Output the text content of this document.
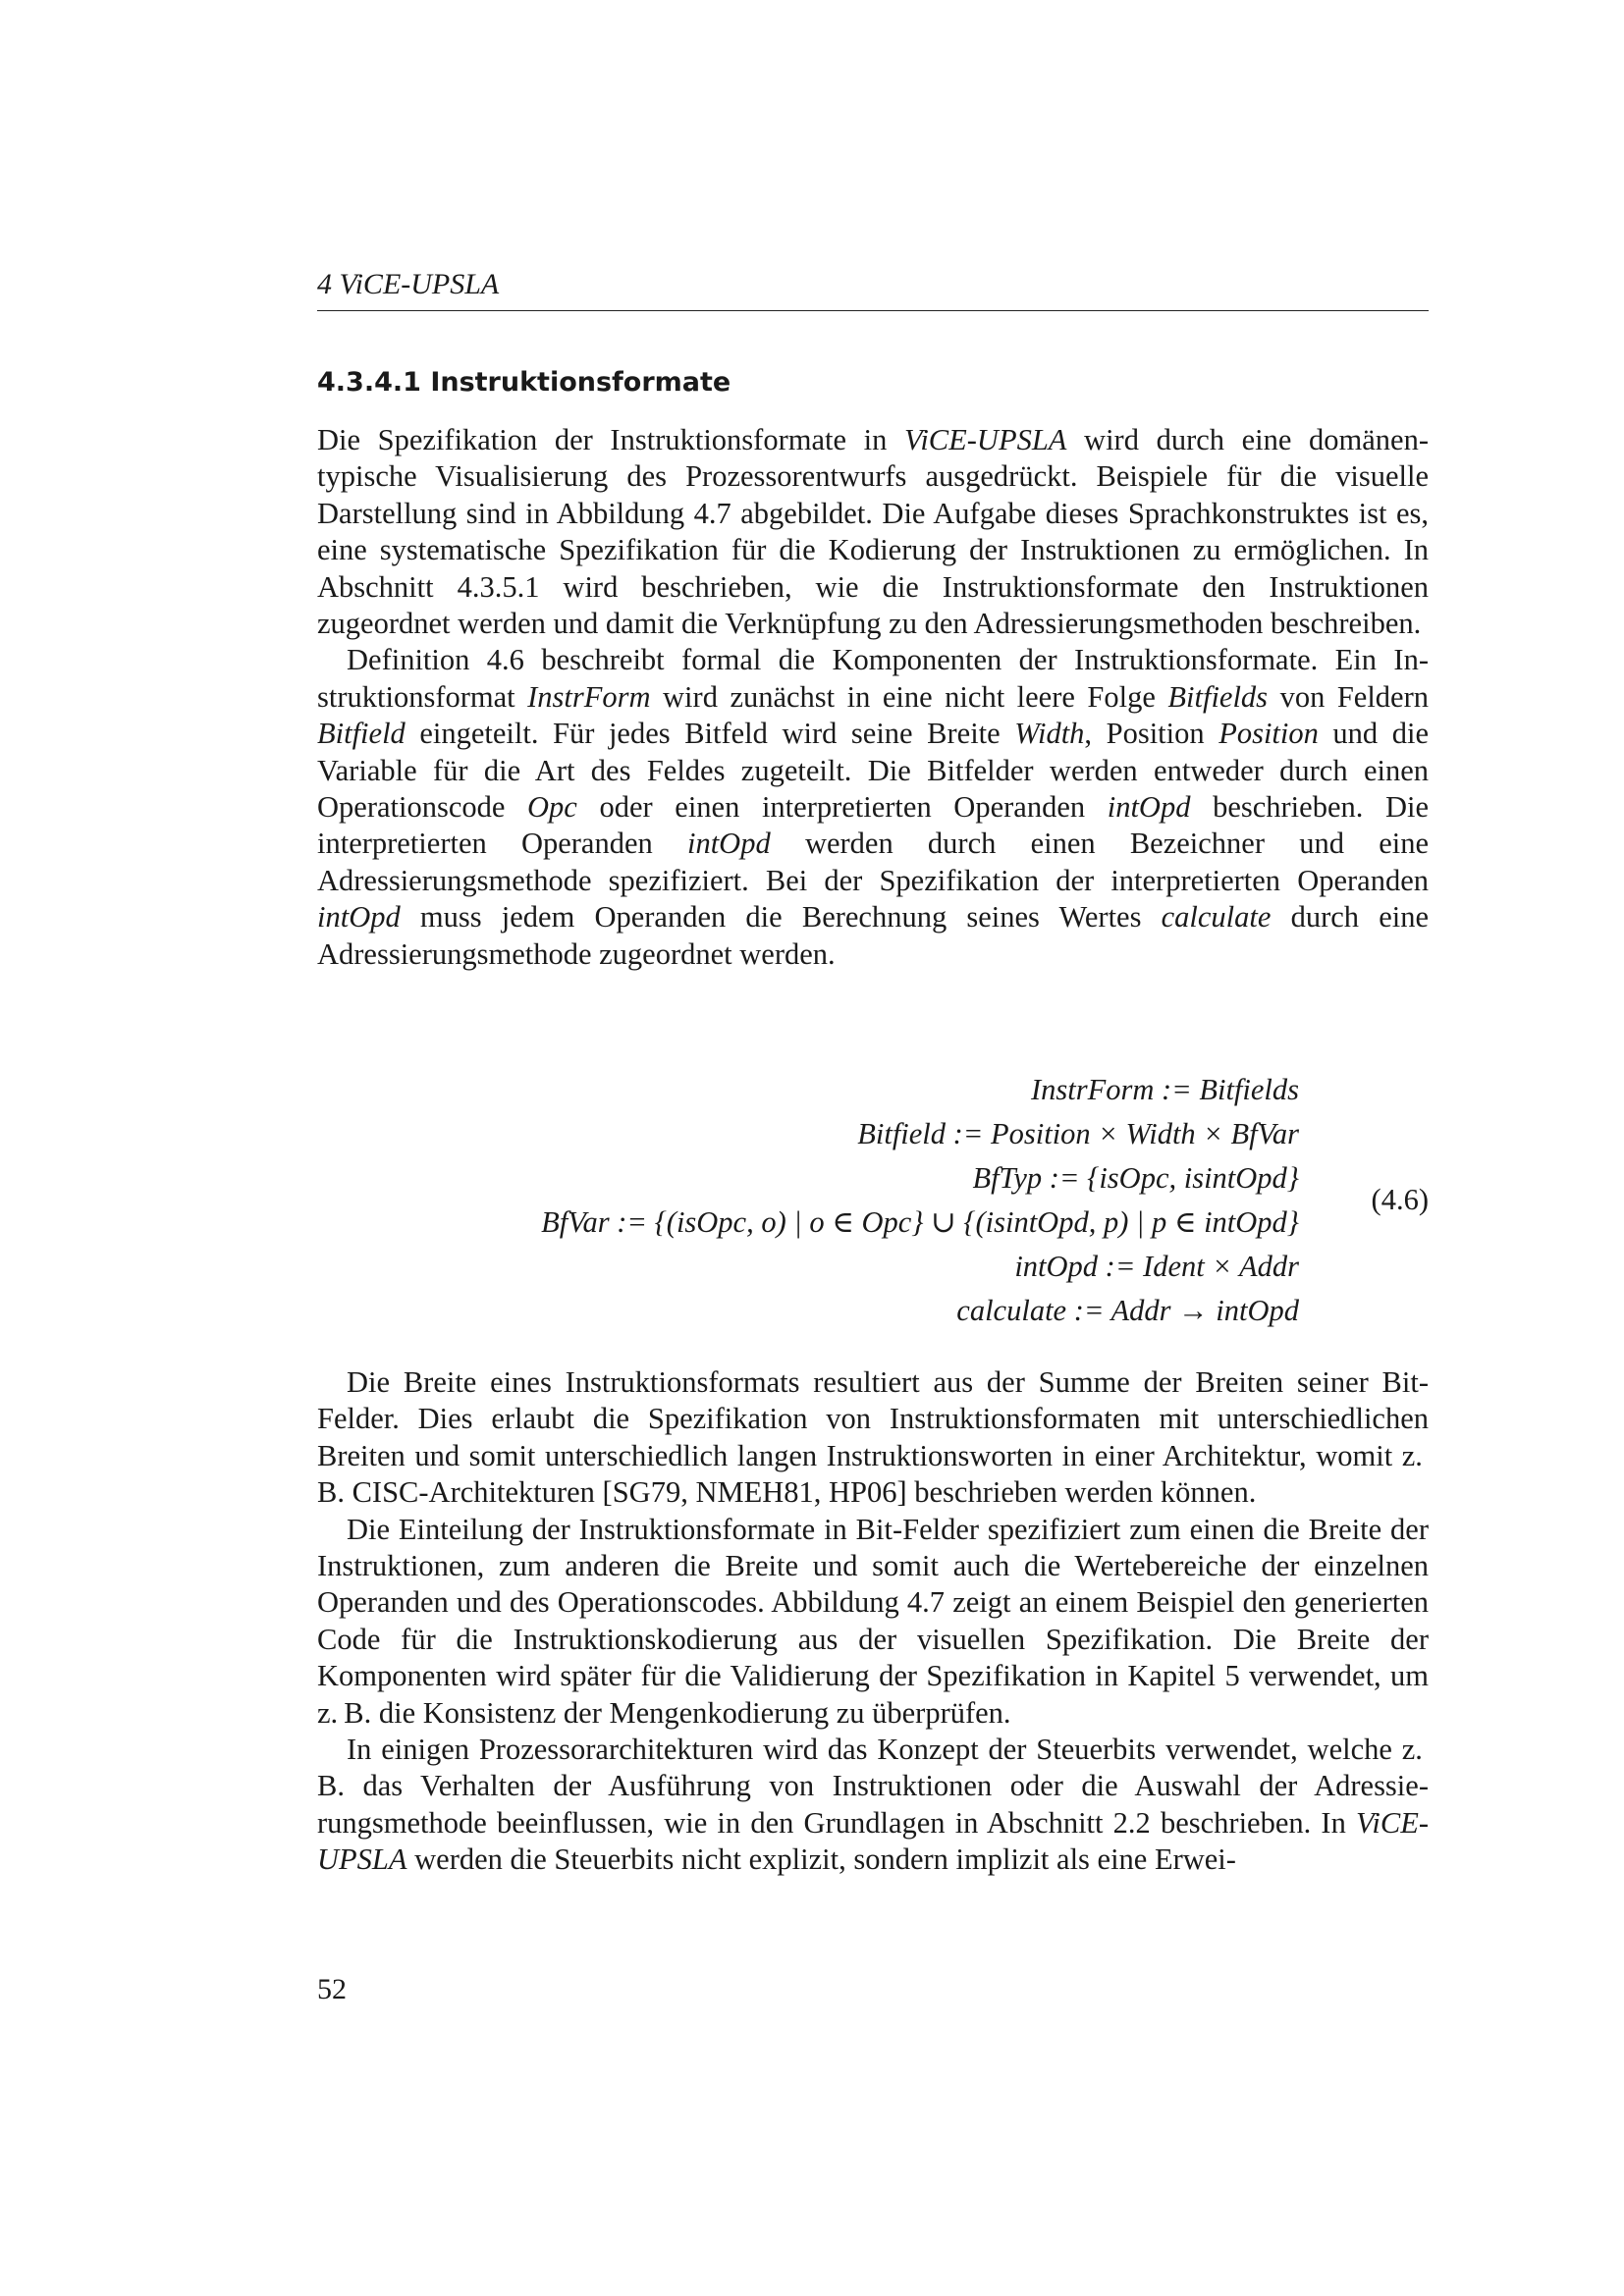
4 ViCE-UPSLA
4.3.4.1 Instruktionsformate

Die Spezifikation der Instruktionsformate in ViCE-UPSLA wird durch eine domänentypische Visualisierung des Prozessorentwurfs ausgedrückt. Beispiele für die visuelle Darstellung sind in Abbildung 4.7 abgebildet. Die Aufgabe dieses Sprachkonstruktes ist es, eine systematische Spezifikation für die Kodierung der Instruktionen zu ermöglichen. In Abschnitt 4.3.5.1 wird beschrieben, wie die Instruktionsformate den Instruktionen zugeordnet werden und damit die Verknüpfung zu den Adressierungsmethoden beschreiben.

Definition 4.6 beschreibt formal die Komponenten der Instruktionsformate. Ein Instruktionsformat InstrForm wird zunächst in eine nicht leere Folge Bitfields von Feldern Bitfield eingeteilt. Für jedes Bitfeld wird seine Breite Width, Position Position und die Variable für die Art des Feldes zugeteilt. Die Bitfelder werden entweder durch einen Operationscode Opc oder einen interpretierten Operanden intOpd beschrieben. Die interpretierten Operanden intOpd werden durch einen Bezeichner und eine Adressierungsmethode spezifiziert. Bei der Spezifikation der interpretierten Operanden intOpd muss jedem Operanden die Berechnung seines Wertes calculate durch eine Adressierungsmethode zugeordnet werden.

InstrForm := Bitfields
Bitfield := Position × Width × BfVar
BfTyp := {isOpc, isintOpd}
BfVar := {(isOpc, o) | o ∈ Opc} ∪ {(isintOpd, p) | p ∈ intOpd}
intOpd := Ident × Addr
calculate := Addr → intOpd
(4.6)

Die Breite eines Instruktionsformats resultiert aus der Summe der Breiten seiner Bit-Felder. Dies erlaubt die Spezifikation von Instruktionsformaten mit unterschiedlichen Breiten und somit unterschiedlich langen Instruktionsworten in einer Architektur, womit z. B. CISC-Architekturen [SG79, NMEH81, HP06] beschrieben werden können.

Die Einteilung der Instruktionsformate in Bit-Felder spezifiziert zum einen die Breite der Instruktionen, zum anderen die Breite und somit auch die Wertebereiche der einzelnen Operanden und des Operationscodes. Abbildung 4.7 zeigt an einem Beispiel den generierten Code für die Instruktionskodierung aus der visuellen Spezifikation. Die Breite der Komponenten wird später für die Validierung der Spezifikation in Kapitel 5 verwendet, um z. B. die Konsistenz der Mengenkodierung zu überprüfen.

In einigen Prozessorarchitekturen wird das Konzept der Steuerbits verwendet, welche z. B. das Verhalten der Ausführung von Instruktionen oder die Auswahl der Adressierungsmethode beeinflussen, wie in den Grundlagen in Abschnitt 2.2 beschrieben. In ViCE-UPSLA werden die Steuerbits nicht explizit, sondern implizit als eine Erwei-

52
